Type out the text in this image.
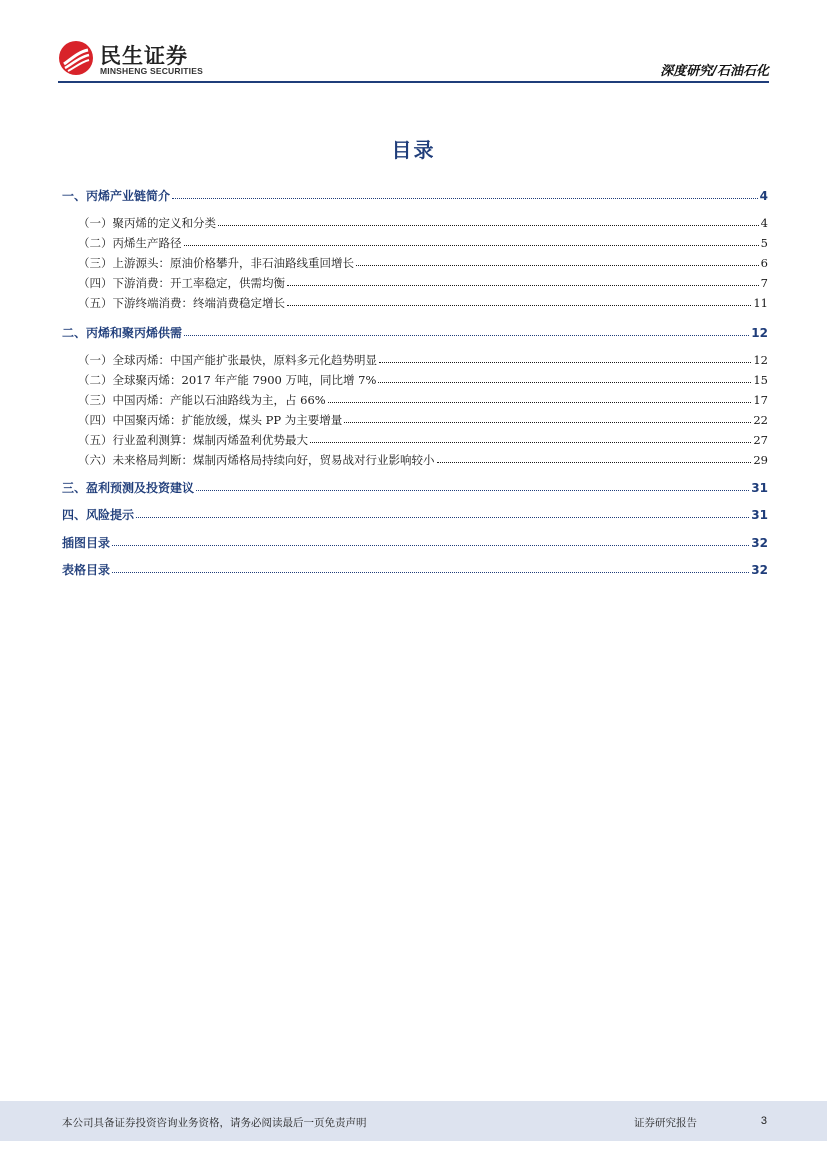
民生证券
MINSHENG SECURITIES	深度研究/石油石化
目录
一、丙烯产业链简介	4
（一）聚丙烯的定义和分类	4
（二）丙烯生产路径	5
（三）上游源头：原油价格攀升，非石油路线重回增长	6
（四）下游消费：开工率稳定，供需均衡	7
（五）下游终端消费：终端消费稳定增长	11
二、丙烯和聚丙烯供需	12
（一）全球丙烯：中国产能扩张最快，原料多元化趋势明显	12
（二）全球聚丙烯：2017 年产能 7900 万吨，同比增 7%	15
（三）中国丙烯：产能以石油路线为主，占 66%	17
（四）中国聚丙烯：扩能放缓，煤头 PP 为主要增量	22
（五）行业盈利测算：煤制丙烯盈利优势最大	27
（六）未来格局判断：煤制丙烯格局持续向好，贸易战对行业影响较小	29
三、盈利预测及投资建议	31
四、风险提示	31
插图目录	32
表格目录	32
本公司具备证券投资咨询业务资格，请务必阅读最后一页免责声明	证券研究报告	3
